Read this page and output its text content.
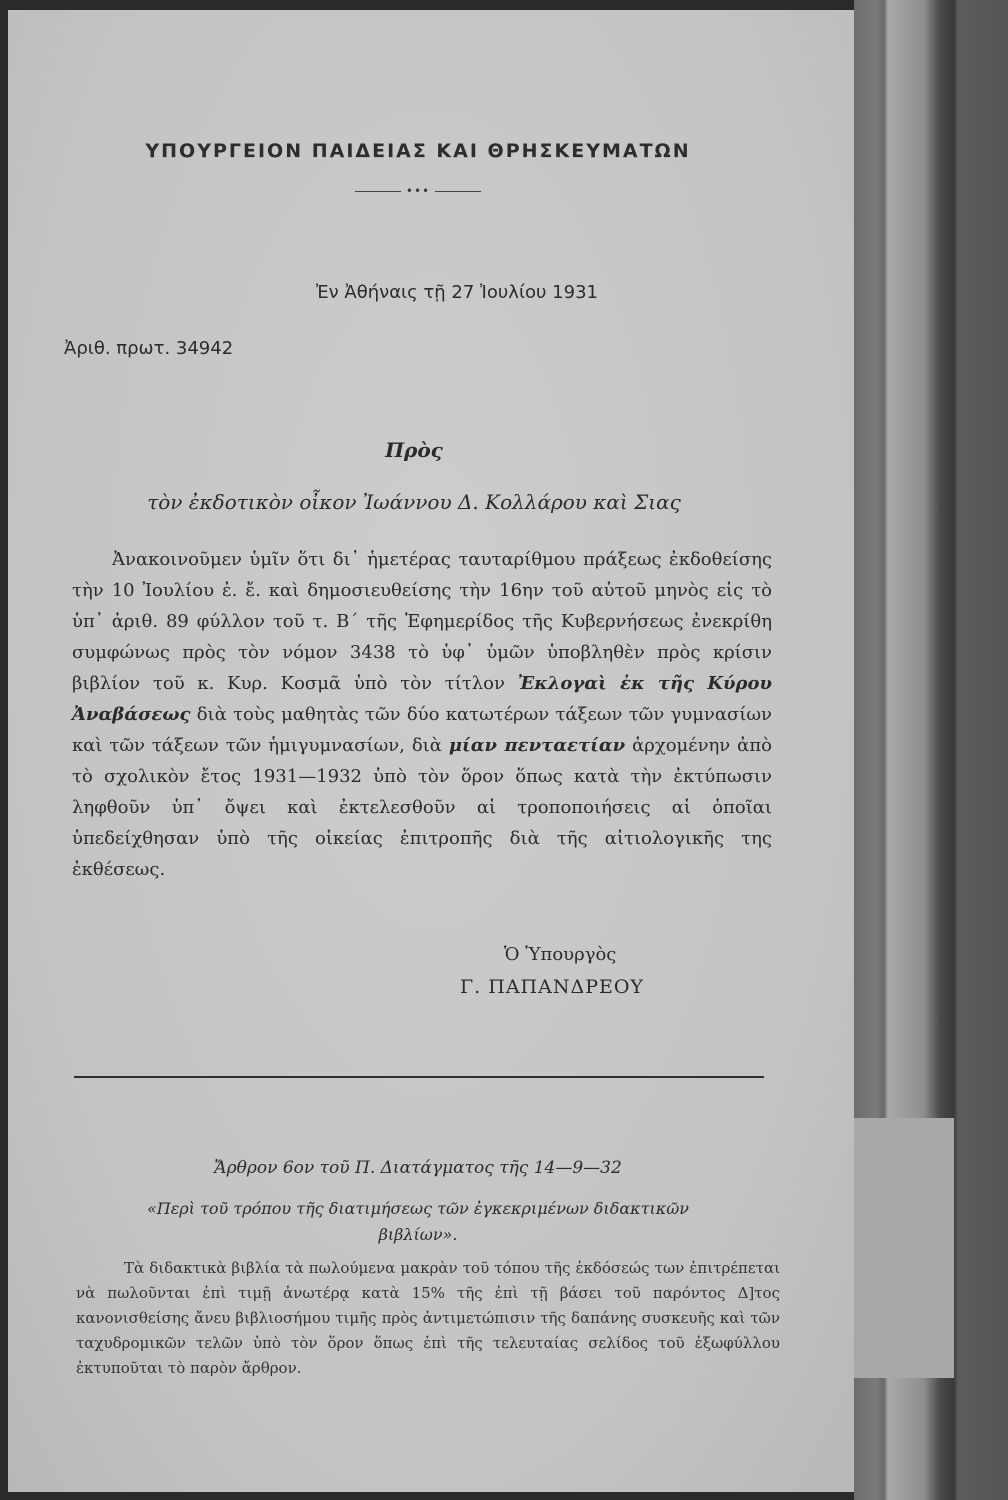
ΥΠΟΥΡΓΕΙΟΝ ΠΑΙΔΕΙΑΣ ΚΑΙ ΘΡΗΣΚΕΥΜΑΤΩΝ
•••
Ἐν Ἀθήναις τῇ 27 Ἰουλίου 1931
Ἀριθ. πρωτ. 34942
Πρὸς
τὸν ἐκδοτικὸν οἶκον Ἰωάννου Δ. Κολλάρου καὶ Σιας
Ἀνακοινοῦμεν ὑμῖν ὅτι δι᾽ ἡμετέρας ταυταρίθμου πράξεως ἐκδοθείσης τὴν 10 Ἰουλίου ἐ. ἔ. καὶ δημοσιευθείσης τὴν 16ην τοῦ αὐτοῦ μηνὸς εἰς τὸ ὑπ᾽ ἀριθ. 89 φύλλον τοῦ τ. Β΄ τῆς Ἐφημερίδος τῆς Κυβερνήσεως ἐνεκρίθη συμφώνως πρὸς τὸν νόμον 3438 τὸ ὑφ᾽ ὑμῶν ὑποβληθὲν πρὸς κρίσιν βιβλίον τοῦ κ. Κυρ. Κοσμᾶ ὑπὸ τὸν τίτλον Ἐκλογαὶ ἐκ τῆς Κύρου Ἀναβάσεως διὰ τοὺς μαθητὰς τῶν δύο κατωτέρων τάξεων τῶν γυμνασίων καὶ τῶν τάξεων τῶν ἡμιγυμνασίων, διὰ μίαν πενταετίαν ἀρχομένην ἀπὸ τὸ σχολικὸν ἔτος 1931—1932 ὑπὸ τὸν ὅρον ὅπως κατὰ τὴν ἐκτύπωσιν ληφθοῦν ὑπ᾽ ὄψει καὶ ἐκτελεσθοῦν αἱ τροποποιήσεις αἱ ὁποῖαι ὑπεδείχθησαν ὑπὸ τῆς οἰκείας ἐπιτροπῆς διὰ τῆς αἰτιολογικῆς της ἐκθέσεως.
Ὁ Ὑπουργὸς
Γ. ΠΑΠΑΝΔΡΕΟΥ
Ἄρθρον 6ον τοῦ Π. Διατάγματος τῆς 14—9—32
«Περὶ τοῦ τρόπου τῆς διατιμήσεως τῶν ἐγκεκριμένων διδακτικῶν βιβλίων».
Τὰ διδακτικὰ βιβλία τὰ πωλούμενα μακρὰν τοῦ τόπου τῆς ἐκδόσεώς των ἐπιτρέπεται νὰ πωλοῦνται ἐπὶ τιμῇ ἀνωτέρᾳ κατὰ 15% τῆς ἐπὶ τῇ βάσει τοῦ παρόντος Δ]τος κανονισθείσης ἄνευ βιβλιοσήμου τιμῆς πρὸς ἀντιμετώπισιν τῆς δαπάνης συσκευῆς καὶ τῶν ταχυδρομικῶν τελῶν ὑπὸ τὸν ὅρον ὅπως ἐπὶ τῆς τελευταίας σελίδος τοῦ ἐξωφύλλου ἐκτυποῦται τὸ παρὸν ἄρθρον.
